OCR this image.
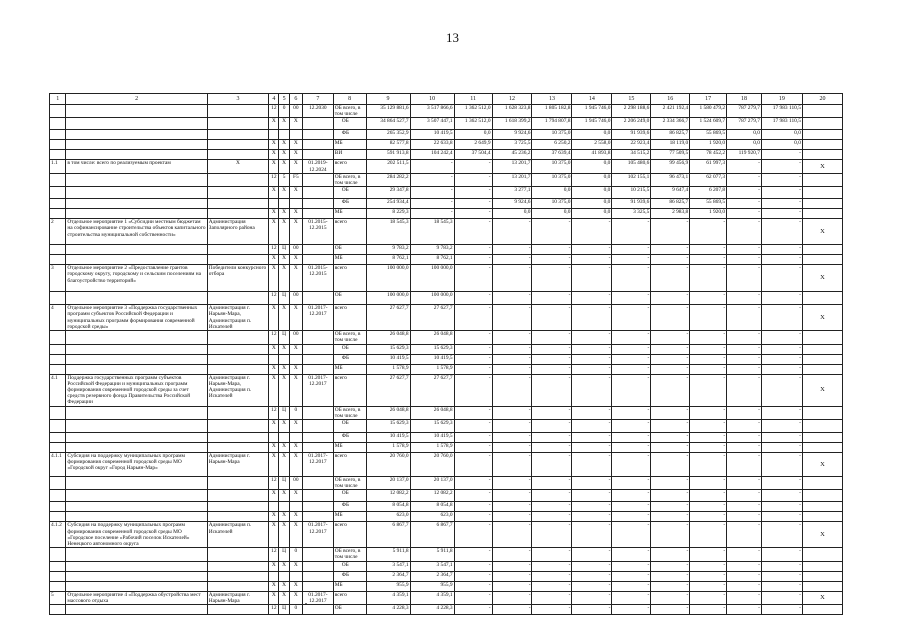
13
1	2	3	4	5	6	7	8	9	10	11	12	13	14	15	16	17	18	19	20
			12	0	00	12.2030	ОБ всего, в том числе	35 129 881,6	3 517 866,6	1 362 512,0	1 628 323,8	1 805 182,8	1 945 746,0	2 298 188,6	2 421 192,4	1 580 479,2	787 279,7	17 983 110,5	
			X	X	X		ОБ	34 864 527,7	3 507 447,1	1 362 512,0	1 618 399,2	1 794 807,8	1 945 746,0	2 206 249,0	2 334 366,7	1 524 609,7	787 279,7	17 983 110,5	
							ФБ	265 352,9	10 419,5	0,0	9 924,6	10 375,0	0,0	91 939,6	86 825,7	55 869,5	0,0	0,0	
			X	X	X		МБ	82 577,8	22 633,8	2 649,9	3 725,5	6 250,2	2 558,0	22 923,4	18 119,0	1 920,0	0,0	0,0	
			X	X	X		ВИ	591 913,8	104 242,4	37 504,4	45 236,2	37 639,4	41 893,8	34 515,2	77 509,5	78 452,2	119 920,7	-	
1.1	в том числе: всего по реализуемым проектам	X	X	X	X	01.2019- 12.2024	всего	202 511,5	-	-	13 201,7	10 375,0	0,0	105 480,6	99 456,9	61 997,3	-	-	X
			12	5	F5		ОБ всего, в том числе	284 282,2	-	-	13 201,7	10 375,0	0,0	102 155,1	96 473,1	62 077,3	-	-	
			X	X	X		ОБ	29 347,8	-	-	3 277,1	0,0	0,0	10 215,5	9 647,4	6 207,8	-	-	
							ФБ	254 934,4	-	-	9 924,6	10 375,0	0,0	91 939,6	86 825,7	55 869,5	-	-	
			X	X	X		МБ	8 229,3	-	-	0,0	0,0	0,0	3 325,5	2 983,8	1 920,0	-	-	
2	Отдельное мероприятие 1 «Субсидии местным бюджетам на софинансирование строительства объектов капитального строительства муниципальной собственности»	Администрация Заполярного района	X	X	X	01.2015- 12.2015	всего	18 545,3	18 545,3	-	-	-	-	-	-	-	-	-	X
			12	Ц	00		ОБ	9 783,2	9 783,2	-	-	-	-	-	-	-	-	-	
			X	X	X		МБ	8 762,1	8 762,1	-	-	-	-	-	-	-	-	-	
3	Отдельное мероприятие 2 «Предоставление грантов городскому округу, городскому и сельским поселениям на благоустройство территорий»	Победители конкурсного отбора	X	X	X	01.2015- 12.2015	всего	100 000,0	100 000,0	-	-	-	-	-	-	-	-	-	X
			12	Ц	00		ОБ	100 000,0	100 000,0	-	-	-	-	-	-	-	-	-	
4	Отдельное мероприятие 3 «Поддержка государственных программ субъектов Российской Федерации и муниципальных программ формирования современной городской среды»	Администрация г. Нарьян-Мара, Администрация п. Искателей	X	X	X	01.2017- 12.2017	всего	27 627,7	27 627,7	-	-	-	-	-	-	-	-	-	X
			12	Ц	00		ОБ всего, в том числе	26 048,8	26 048,8	-	-	-	-	-	-	-	-	-	
			X	X	X		ОБ	15 629,3	15 629,3	-	-	-	-	-	-	-	-	-	
							ФБ	10 419,5	10 419,5	-	-	-	-	-	-	-	-	-	
			X	X	X		МБ	1 578,9	1 578,9	-	-	-	-	-	-	-	-	-	
4.1	Поддержка государственных программ субъектов Российской Федерации и муниципальных программ формирования современной городской среды за счет средств резервного фонда Правительства Российской Федерации	Администрация г. Нарьян-Мара, Администрация п. Искателей	X	X	X	01.2017- 12.2017	всего	27 627,7	27 627,7	-	-	-	-	-	-	-	-	-	X
			12	Ц	0		ОБ всего, в том числе	26 048,8	26 048,8	-	-	-	-	-	-	-	-	-	
			X	X	X		ОБ	15 629,3	15 629,3	-	-	-	-	-	-	-	-	-	
							ФБ	10 419,5	10 419,5	-	-	-	-	-	-	-	-	-	
			X	X	X		МБ	1 578,9	1 578,9	-	-	-	-	-	-	-	-	-	
4.1.1	Субсидия на поддержку муниципальных программ формирования современной городской среды МО «Городской округ «Город Нарьян-Мар»	Администрация г. Нарьян-Мара	X	X	X	01.2017- 12.2017	всего	20 760,0	20 760,0	-	-	-	-	-	-	-	-	-	X
			12	Ц	00		ОБ всего, в том числе	20 137,0	20 137,0	-	-	-	-	-	-	-	-	-	
			X	X	X		ОБ	12 082,2	12 082,2	-	-	-	-	-	-	-	-	-	
							ФБ	8 054,8	8 054,8	-	-	-	-	-	-	-	-	-	
			X	X	X		МБ	623,0	623,0	-	-	-	-	-	-	-	-	-	
4.1.2	Субсидия на поддержку муниципальных программ формирования современной городской среды МО «Городское поселение «Рабочий поселок Искателей» Ненецкого автономного округа	Администрация п. Искателей	X	X	X	01.2017- 12.2017	всего	6 867,7	6 867,7	-	-	-	-	-	-	-	-	-	X
			12	Ц	0		ОБ всего, в том числе	5 911,8	5 911,8	-	-	-	-	-	-	-	-	-	
			X	X	X		ОБ	3 547,1	3 547,1	-	-	-	-	-	-	-	-	-	
							ФБ	2 364,7	2 364,7	-	-	-	-	-	-	-	-	-	
			X	X	X		МБ	955,9	955,9	-	-	-	-	-	-	-	-	-	
5	Отдельное мероприятие 4 «Поддержка обустройства мест массового отдыха	Администрация г. Нарьян-Мара	X	X	X	01.2017- 12.2017	всего	4 359,1	4 359,1	-	-	-	-	-	-	-	-	-	X
			12	Ц	0		ОБ	4 228,3	4 228,3	-	-	-	-	-	-	-	-	-	
